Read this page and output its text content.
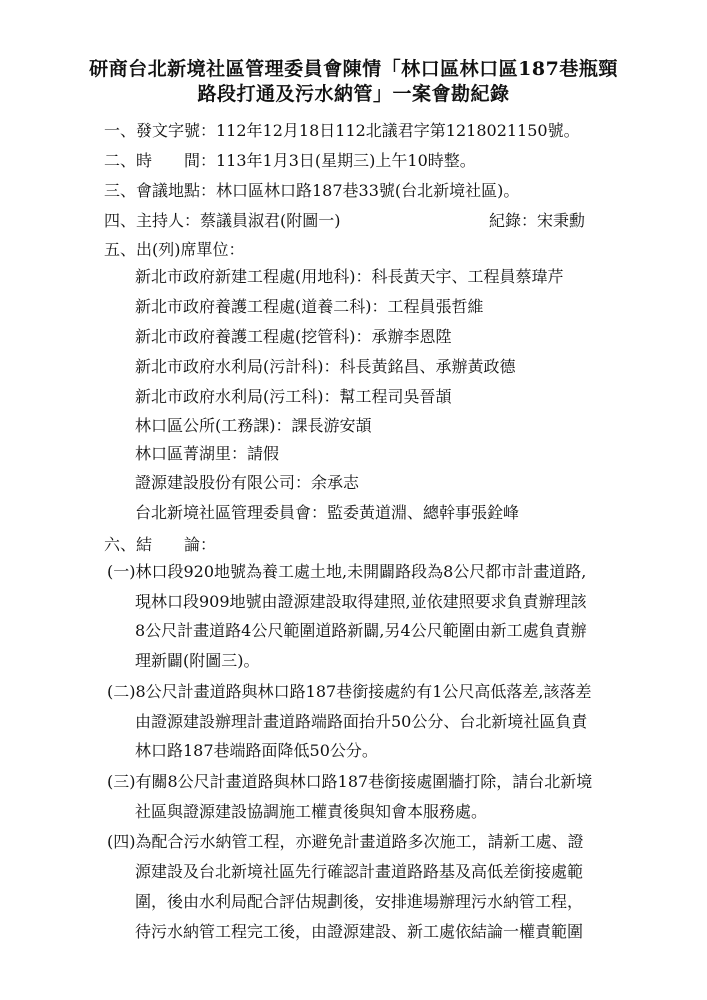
研商台北新境社區管理委員會陳情「林口區林口區187巷瓶頸
路段打通及污水納管」一案會勘紀錄
一、發文字號：112年12月18日112北議君字第1218021150號。
二、時　　間：113年1月3日(星期三)上午10時整。
三、會議地點：林口區林口路187巷33號(台北新境社區)。
四、主持人：蔡議員淑君(附圖一)	紀錄：宋秉勳
五、出(列)席單位：
新北市政府新建工程處(用地科)：科長黃天宇、工程員蔡瑋芹
新北市政府養護工程處(道養二科)：工程員張哲維
新北市政府養護工程處(挖管科)：承辦李恩陞
新北市政府水利局(污計科)：科長黃銘昌、承辦黃政德
新北市政府水利局(污工科)：幫工程司吳晉頡
林口區公所(工務課)：課長游安頡
林口區菁湖里：請假
證源建設股份有限公司：余承志
台北新境社區管理委員會：監委黃道淵、總幹事張銓峰
六、結　　論：
(一)林口段920地號為養工處土地,未開闢路段為8公尺都市計畫道路,
現林口段909地號由證源建設取得建照,並依建照要求負責辦理該
8公尺計畫道路4公尺範圍道路新闢,另4公尺範圍由新工處負責辦
理新闢(附圖三)。
(二)8公尺計畫道路與林口路187巷銜接處約有1公尺高低落差,該落差
由證源建設辦理計畫道路端路面抬升50公分、台北新境社區負責
林口路187巷端路面降低50公分。
(三)有關8公尺計畫道路與林口路187巷銜接處圍牆打除，請台北新境
社區與證源建設協調施工權責後與知會本服務處。
(四)為配合污水納管工程，亦避免計畫道路多次施工，請新工處、證
源建設及台北新境社區先行確認計畫道路路基及高低差銜接處範
圍，後由水利局配合評估規劃後，安排進場辦理污水納管工程，
待污水納管工程完工後，由證源建設、新工處依結論一權責範圍
